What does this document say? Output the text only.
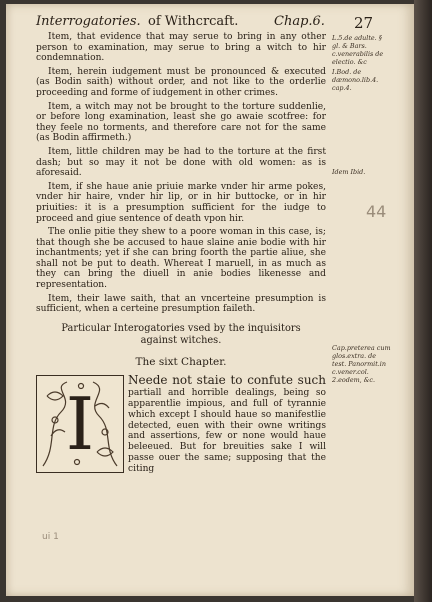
Interrogatories. of Withcrcaft.	Chap.6. 27

Item, that evidence that may serue to bring in any other person to examination, may serue to bring a witch to hir condemnation.

Item, herein iudgement must be pronounced & executed (as Bodin saith) without order, and not like to the orderlie proceeding and forme of iudgement in other crimes.

Item, a witch may not be brought to the torture suddenlie, or before long examination, least she go awaie scotfree: for they feele no torments, and therefore care not for the same (as Bodin affirmeth.)

Item, little children may be had to the torture at the first dash; but so may it not be done with old women: as is aforesaid.

Item, if she haue anie priuie marke vnder hir arme pokes, vnder hir haire, vnder hir lip, or in hir buttocke, or in hir priuities: it is a presumption sufficient for the iudge to proceed and giue sentence of death vpon hir.

The onlie pitie they shew to a poore woman in this case, is; that though she be accused to haue slaine anie bodie with hir inchantments; yet if she can bring foorth the partie aliue, she shall not be put to death. Whereat I maruell, in as much as they can bring the diuell in anie bodies likenesse and representation.

Item, their lawe saith, that an vncerteine presumption is sufficient, when a certeine presumption faileth.

Particular Interogatories vsed by the inquisitors
against witches.
The sixt Chapter.
I
Neede not staie to confute such partiall and horrible dealings, being so apparentlie impious, and full of tyrannie which except I should haue so manifestlie detected, euen with their owne writings and assertions, few or none would haue beleeued. But for breuities sake I will passe ouer the same; supposing that the citing
L.5.de adulte. § gl. & Bars. c.venerabilis de electio. &c
I.Bod. de dæmono.lib.4. cap.4.
Idem Ibid.
Cap.preterea cum glos.extra. de test. Panormit.in c.vener.col. 2.eodem, &c.
44
ui 1
